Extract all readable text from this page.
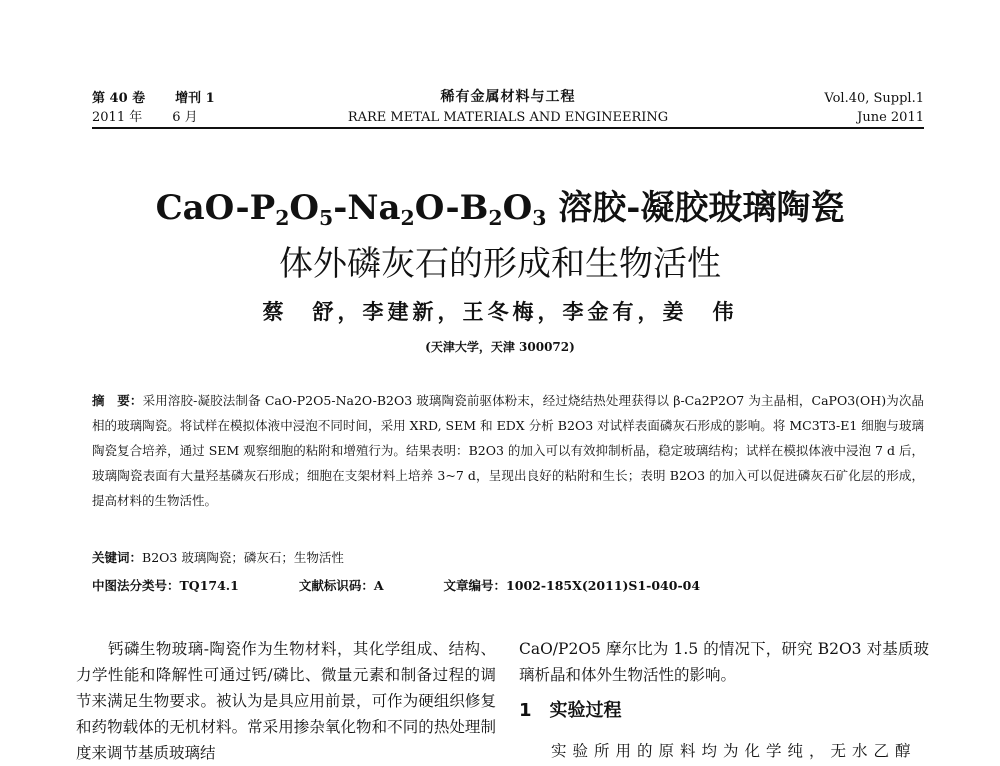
第 40 卷 增刊 1	稀有金属材料与工程	Vol.40, Suppl.1
2011 年 6 月	RARE METAL MATERIALS AND ENGINEERING	June 2011
CaO-$P_2O_5-Na_2O-B_2O_3$ 溶胶-凝胶玻璃陶瓷
体外磷灰石的形成和生物活性
蔡　舒，李建新，王冬梅，李金有，姜　伟
(天津大学，天津 300072)
摘　要：采用溶胶-凝胶法制备 CaO-P2O5-Na2O-B2O3 玻璃陶瓷前驱体粉末，经过烧结热处理获得以 β-Ca2P2O7 为主晶相，CaPO3(OH)为次晶相的玻璃陶瓷。将试样在模拟体液中浸泡不同时间，采用 XRD, SEM 和 EDX 分析 B2O3 对试样表面磷灰石形成的影响。将 MC3T3-E1 细胞与玻璃陶瓷复合培养，通过 SEM 观察细胞的粘附和增殖行为。结果表明：B2O3 的加入可以有效抑制析晶，稳定玻璃结构；试样在模拟体液中浸泡 7 d 后，玻璃陶瓷表面有大量羟基磷灰石形成；细胞在支架材料上培养 3~7 d，呈现出良好的粘附和生长；表明 B2O3 的加入可以促进磷灰石矿化层的形成，提高材料的生物活性。
关键词：B2O3 玻璃陶瓷；磷灰石；生物活性
中图法分类号：TQ174.1	文献标识码：A	文章编号：1002-185X(2011)S1-040-04
钙磷生物玻璃-陶瓷作为生物材料，其化学组成、结构、力学性能和降解性可通过钙/磷比、微量元素和制备过程的调节来满足生物要求。被认为是具应用前景，可作为硬组织修复和药物载体的无机材料。常采用掺杂氧化物和不同的热处理制度来调节基质玻璃结
CaO/P2O5 摩尔比为 1.5 的情况下，研究 B2O3 对基质玻璃析晶和体外生物活性的影响。
1 实验过程
实验所用的原料均为化学纯，无水乙醇
